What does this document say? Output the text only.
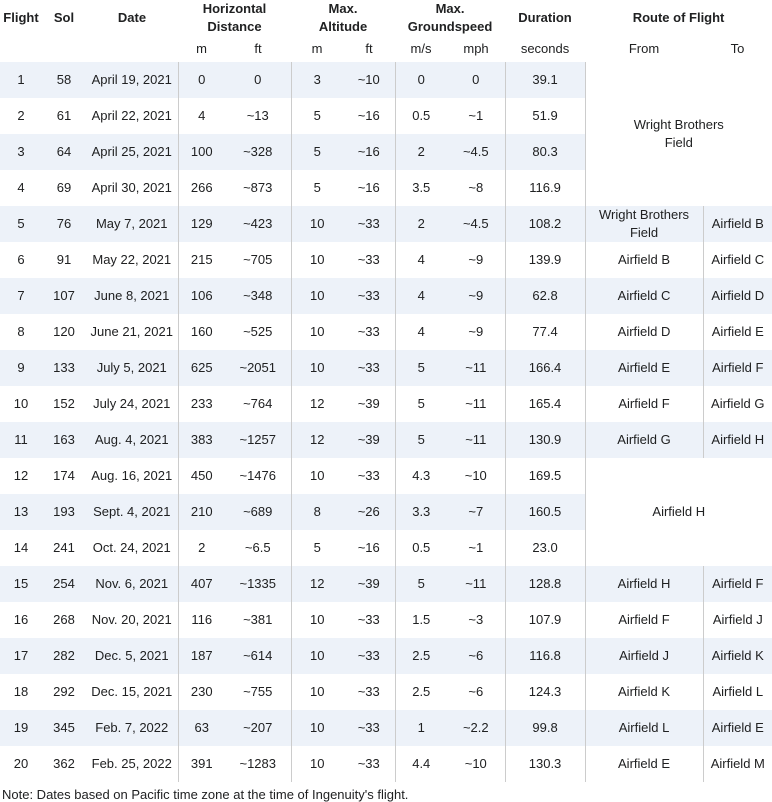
Flight	Sol	Date	Horizontal Distance		Max. Altitude		Max. Groundspeed		Duration	Route of Flight	
			m	ft	m	ft	m/s	mph	seconds	From	To
1	58	April 19, 2021	0	0	3	~10	0	0	39.1	Wright Brothers Field	
2	61	April 22, 2021	4	~13	5	~16	0.5	~1	51.9		
3	64	April 25, 2021	100	~328	5	~16	2	~4.5	80.3		
4	69	April 30, 2021	266	~873	5	~16	3.5	~8	116.9		
5	76	May 7, 2021	129	~423	10	~33	2	~4.5	108.2	Wright Brothers Field	Airfield B
6	91	May 22, 2021	215	~705	10	~33	4	~9	139.9	Airfield B	Airfield C
7	107	June 8, 2021	106	~348	10	~33	4	~9	62.8	Airfield C	Airfield D
8	120	June 21, 2021	160	~525	10	~33	4	~9	77.4	Airfield D	Airfield E
9	133	July 5, 2021	625	~2051	10	~33	5	~11	166.4	Airfield E	Airfield F
10	152	July 24, 2021	233	~764	12	~39	5	~11	165.4	Airfield F	Airfield G
11	163	Aug. 4, 2021	383	~1257	12	~39	5	~11	130.9	Airfield G	Airfield H
12	174	Aug. 16, 2021	450	~1476	10	~33	4.3	~10	169.5	Airfield H	
13	193	Sept. 4, 2021	210	~689	8	~26	3.3	~7	160.5		
14	241	Oct. 24, 2021	2	~6.5	5	~16	0.5	~1	23.0		
15	254	Nov. 6, 2021	407	~1335	12	~39	5	~11	128.8	Airfield H	Airfield F
16	268	Nov. 20, 2021	116	~381	10	~33	1.5	~3	107.9	Airfield F	Airfield J
17	282	Dec. 5, 2021	187	~614	10	~33	2.5	~6	116.8	Airfield J	Airfield K
18	292	Dec. 15, 2021	230	~755	10	~33	2.5	~6	124.3	Airfield K	Airfield L
19	345	Feb. 7, 2022	63	~207	10	~33	1	~2.2	99.8	Airfield L	Airfield E
20	362	Feb. 25, 2022	391	~1283	10	~33	4.4	~10	130.3	Airfield E	Airfield M
Note: Dates based on Pacific time zone at the time of Ingenuity's flight.
